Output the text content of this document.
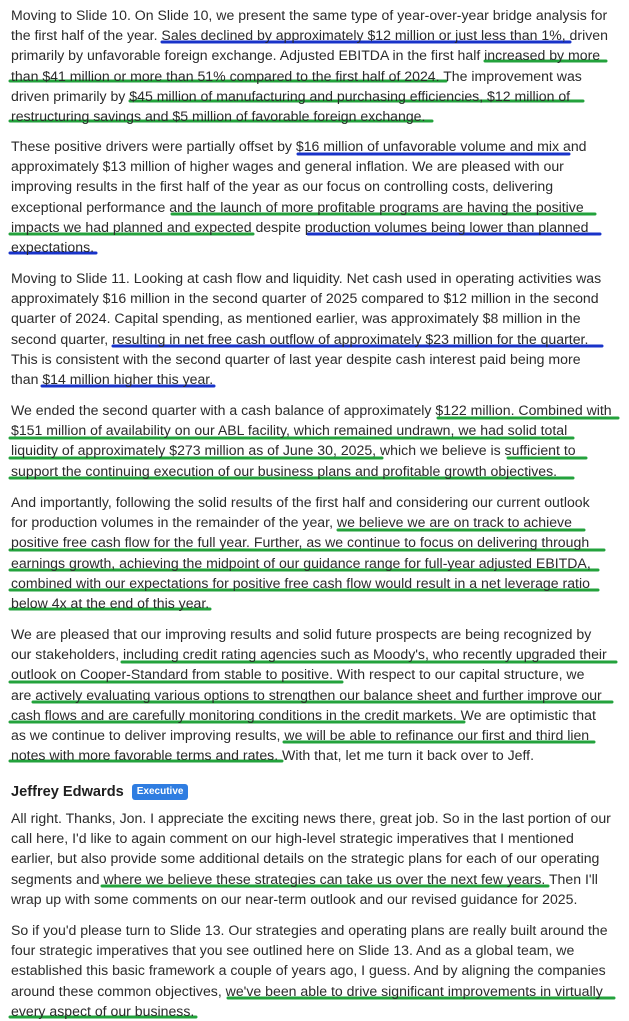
Moving to Slide 10. On Slide 10, we present the same type of year-over-year bridge analysis for
the first half of the year. Sales declined by approximately $12 million or just less than 1%, driven
primarily by unfavorable foreign exchange. Adjusted EBITDA in the first half increased by more
than $41 million or more than 51% compared to the first half of 2024. The improvement was
driven primarily by $45 million of manufacturing and purchasing efficiencies, $12 million of
restructuring savings and $5 million of favorable foreign exchange.

These positive drivers were partially offset by $16 million of unfavorable volume and mix and
approximately $13 million of higher wages and general inflation. We are pleased with our
improving results in the first half of the year as our focus on controlling costs, delivering
exceptional performance and the launch of more profitable programs are having the positive
impacts we had planned and expected despite production volumes being lower than planned
expectations.

Moving to Slide 11. Looking at cash flow and liquidity. Net cash used in operating activities was
approximately $16 million in the second quarter of 2025 compared to $12 million in the second
quarter of 2024. Capital spending, as mentioned earlier, was approximately $8 million in the
second quarter, resulting in net free cash outflow of approximately $23 million for the quarter.
This is consistent with the second quarter of last year despite cash interest paid being more
than $14 million higher this year.

We ended the second quarter with a cash balance of approximately $122 million. Combined with
$151 million of availability on our ABL facility, which remained undrawn, we had solid total
liquidity of approximately $273 million as of June 30, 2025, which we believe is sufficient to
support the continuing execution of our business plans and profitable growth objectives.

And importantly, following the solid results of the first half and considering our current outlook
for production volumes in the remainder of the year, we believe we are on track to achieve
positive free cash flow for the full year. Further, as we continue to focus on delivering through
earnings growth, achieving the midpoint of our guidance range for full-year adjusted EBITDA,
combined with our expectations for positive free cash flow would result in a net leverage ratio
below 4x at the end of this year.

We are pleased that our improving results and solid future prospects are being recognized by
our stakeholders, including credit rating agencies such as Moody's, who recently upgraded their
outlook on Cooper-Standard from stable to positive. With respect to our capital structure, we
are actively evaluating various options to strengthen our balance sheet and further improve our
cash flows and are carefully monitoring conditions in the credit markets. We are optimistic that
as we continue to deliver improving results, we will be able to refinance our first and third lien
notes with more favorable terms and rates. With that, let me turn it back over to Jeff.

Jeffrey Edwards	Executive

All right. Thanks, Jon. I appreciate the exciting news there, great job. So in the last portion of our
call here, I'd like to again comment on our high-level strategic imperatives that I mentioned
earlier, but also provide some additional details on the strategic plans for each of our operating
segments and where we believe these strategies can take us over the next few years. Then I'll
wrap up with some comments on our near-term outlook and our revised guidance for 2025.

So if you'd please turn to Slide 13. Our strategies and operating plans are really built around the
four strategic imperatives that you see outlined here on Slide 13. And as a global team, we
established this basic framework a couple of years ago, I guess. And by aligning the companies
around these common objectives, we've been able to drive significant improvements in virtually
every aspect of our business.
